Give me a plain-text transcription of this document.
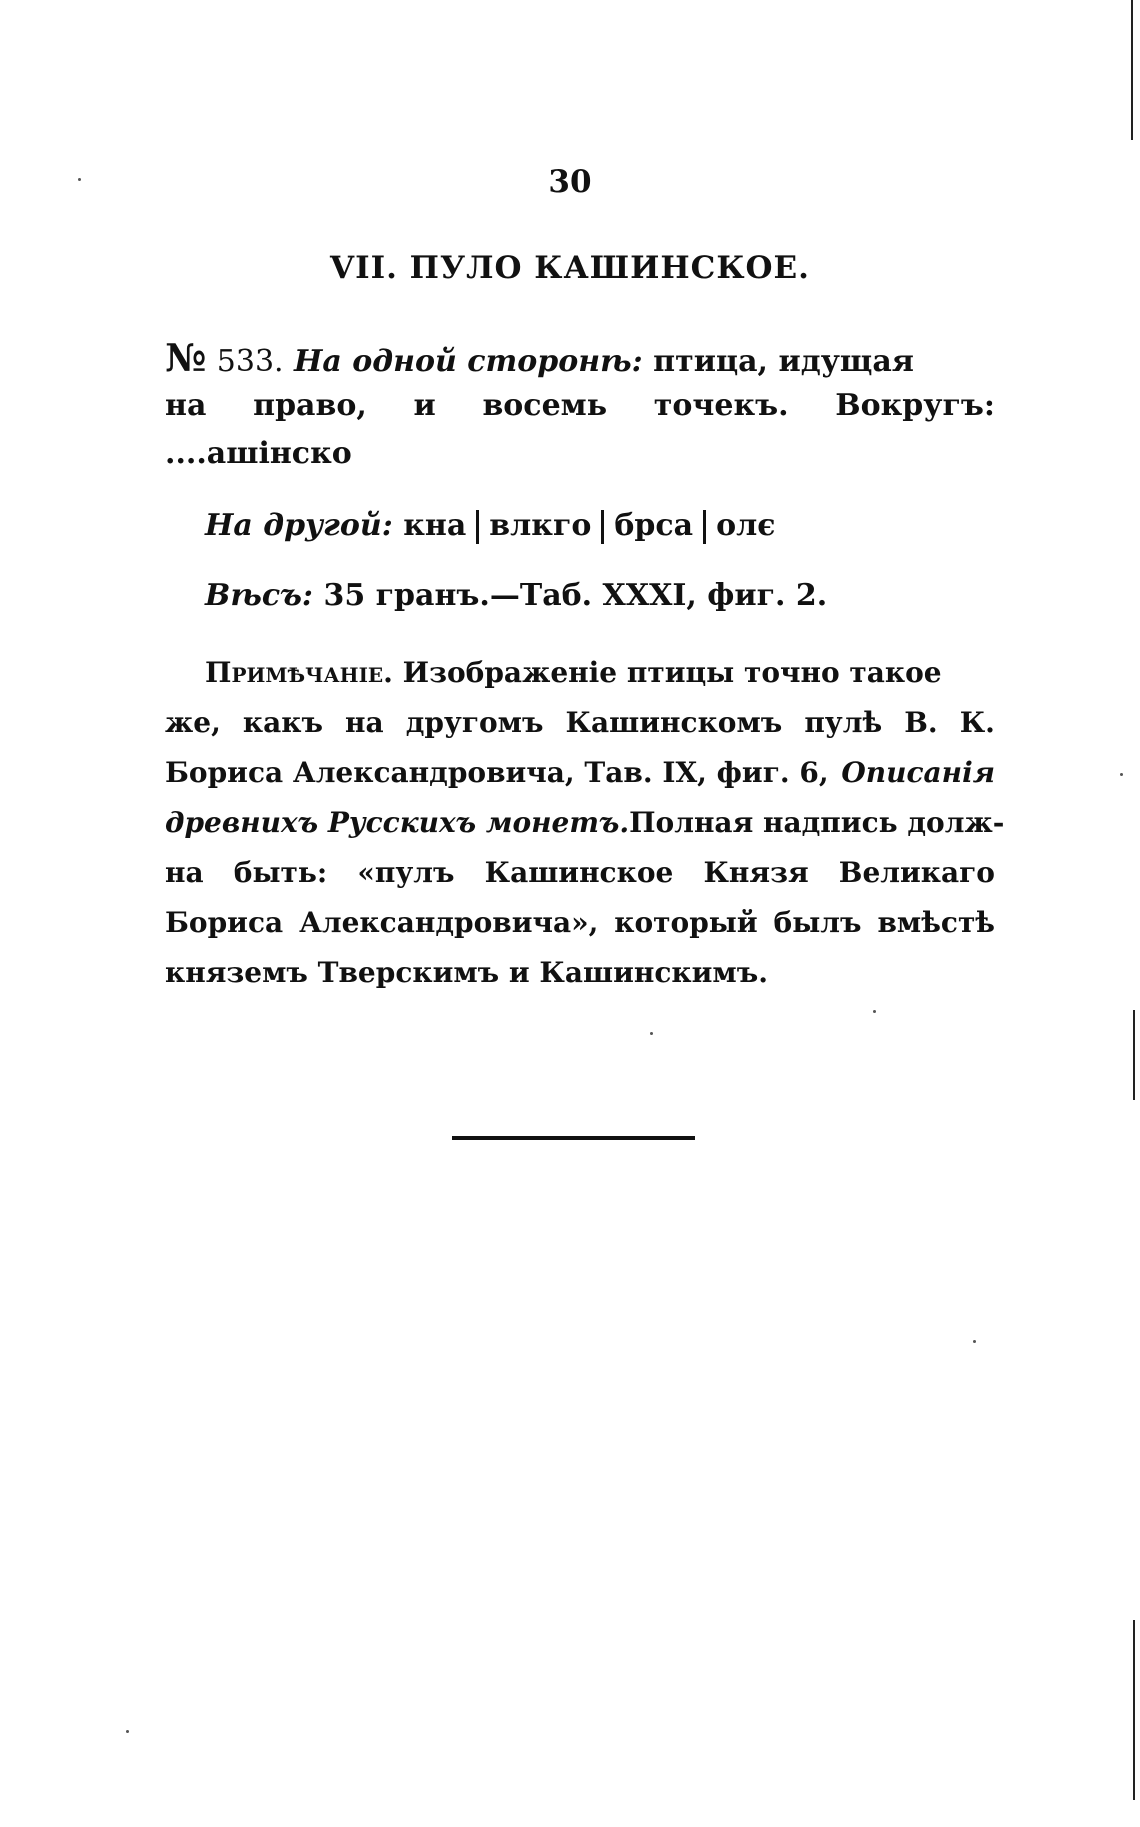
30
VII. ПУЛО КАШИНСКОЕ.
№ 533. На одной сторонѣ: птица, идущая
на право, и восемь точекъ. Вокругъ:
....ашінско
На другой: кна влкго брса олє
Вѣсъ: 35 гранъ.—Таб. XXXI, фиг. 2.
Примѣчаніе. Изображеніе птицы точно такое
же, какъ на другомъ Кашинскомъ пулѣ В. К.
Бориса Александровича, Тав. IX, фиг. 6, Описанія
древнихъ Русскихъ монетъ. Полная надпись долж-
на быть: «пулъ Кашинское Князя Великаго
Бориса Александровича», который былъ вмѣстѣ
княземъ Тверскимъ и Кашинскимъ.
